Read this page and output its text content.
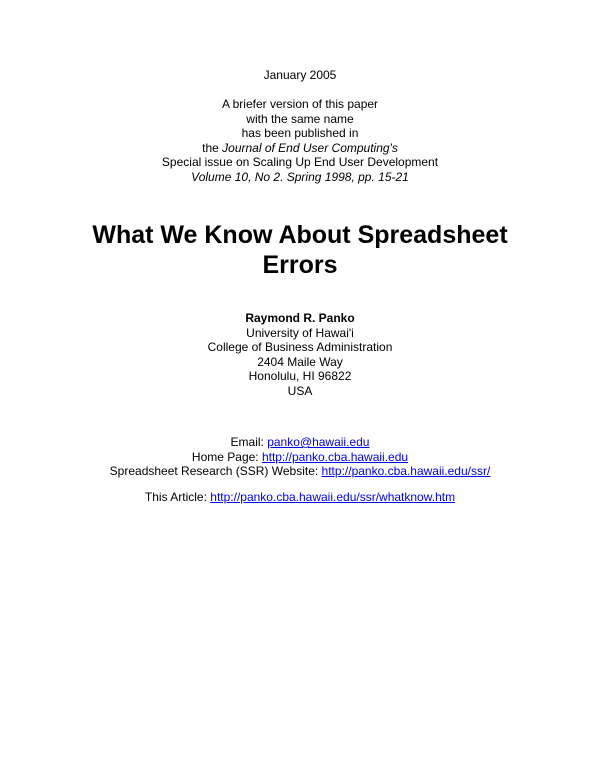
January 2005

A briefer version of this paper

with the same name

has been published in

the Journal of End User Computing's

Special issue on Scaling Up End User Development

Volume 10, No 2. Spring 1998, pp. 15-21

What We Know About Spreadsheet
Errors

Raymond R. Panko

University of Hawai'i

College of Business Administration

2404 Maile Way

Honolulu, HI 96822

USA

Email: panko@hawaii.edu

Home Page: http://panko.cba.hawaii.edu

Spreadsheet Research (SSR) Website: http://panko.cba.hawaii.edu/ssr/

This Article: http://panko.cba.hawaii.edu/ssr/whatknow.htm
